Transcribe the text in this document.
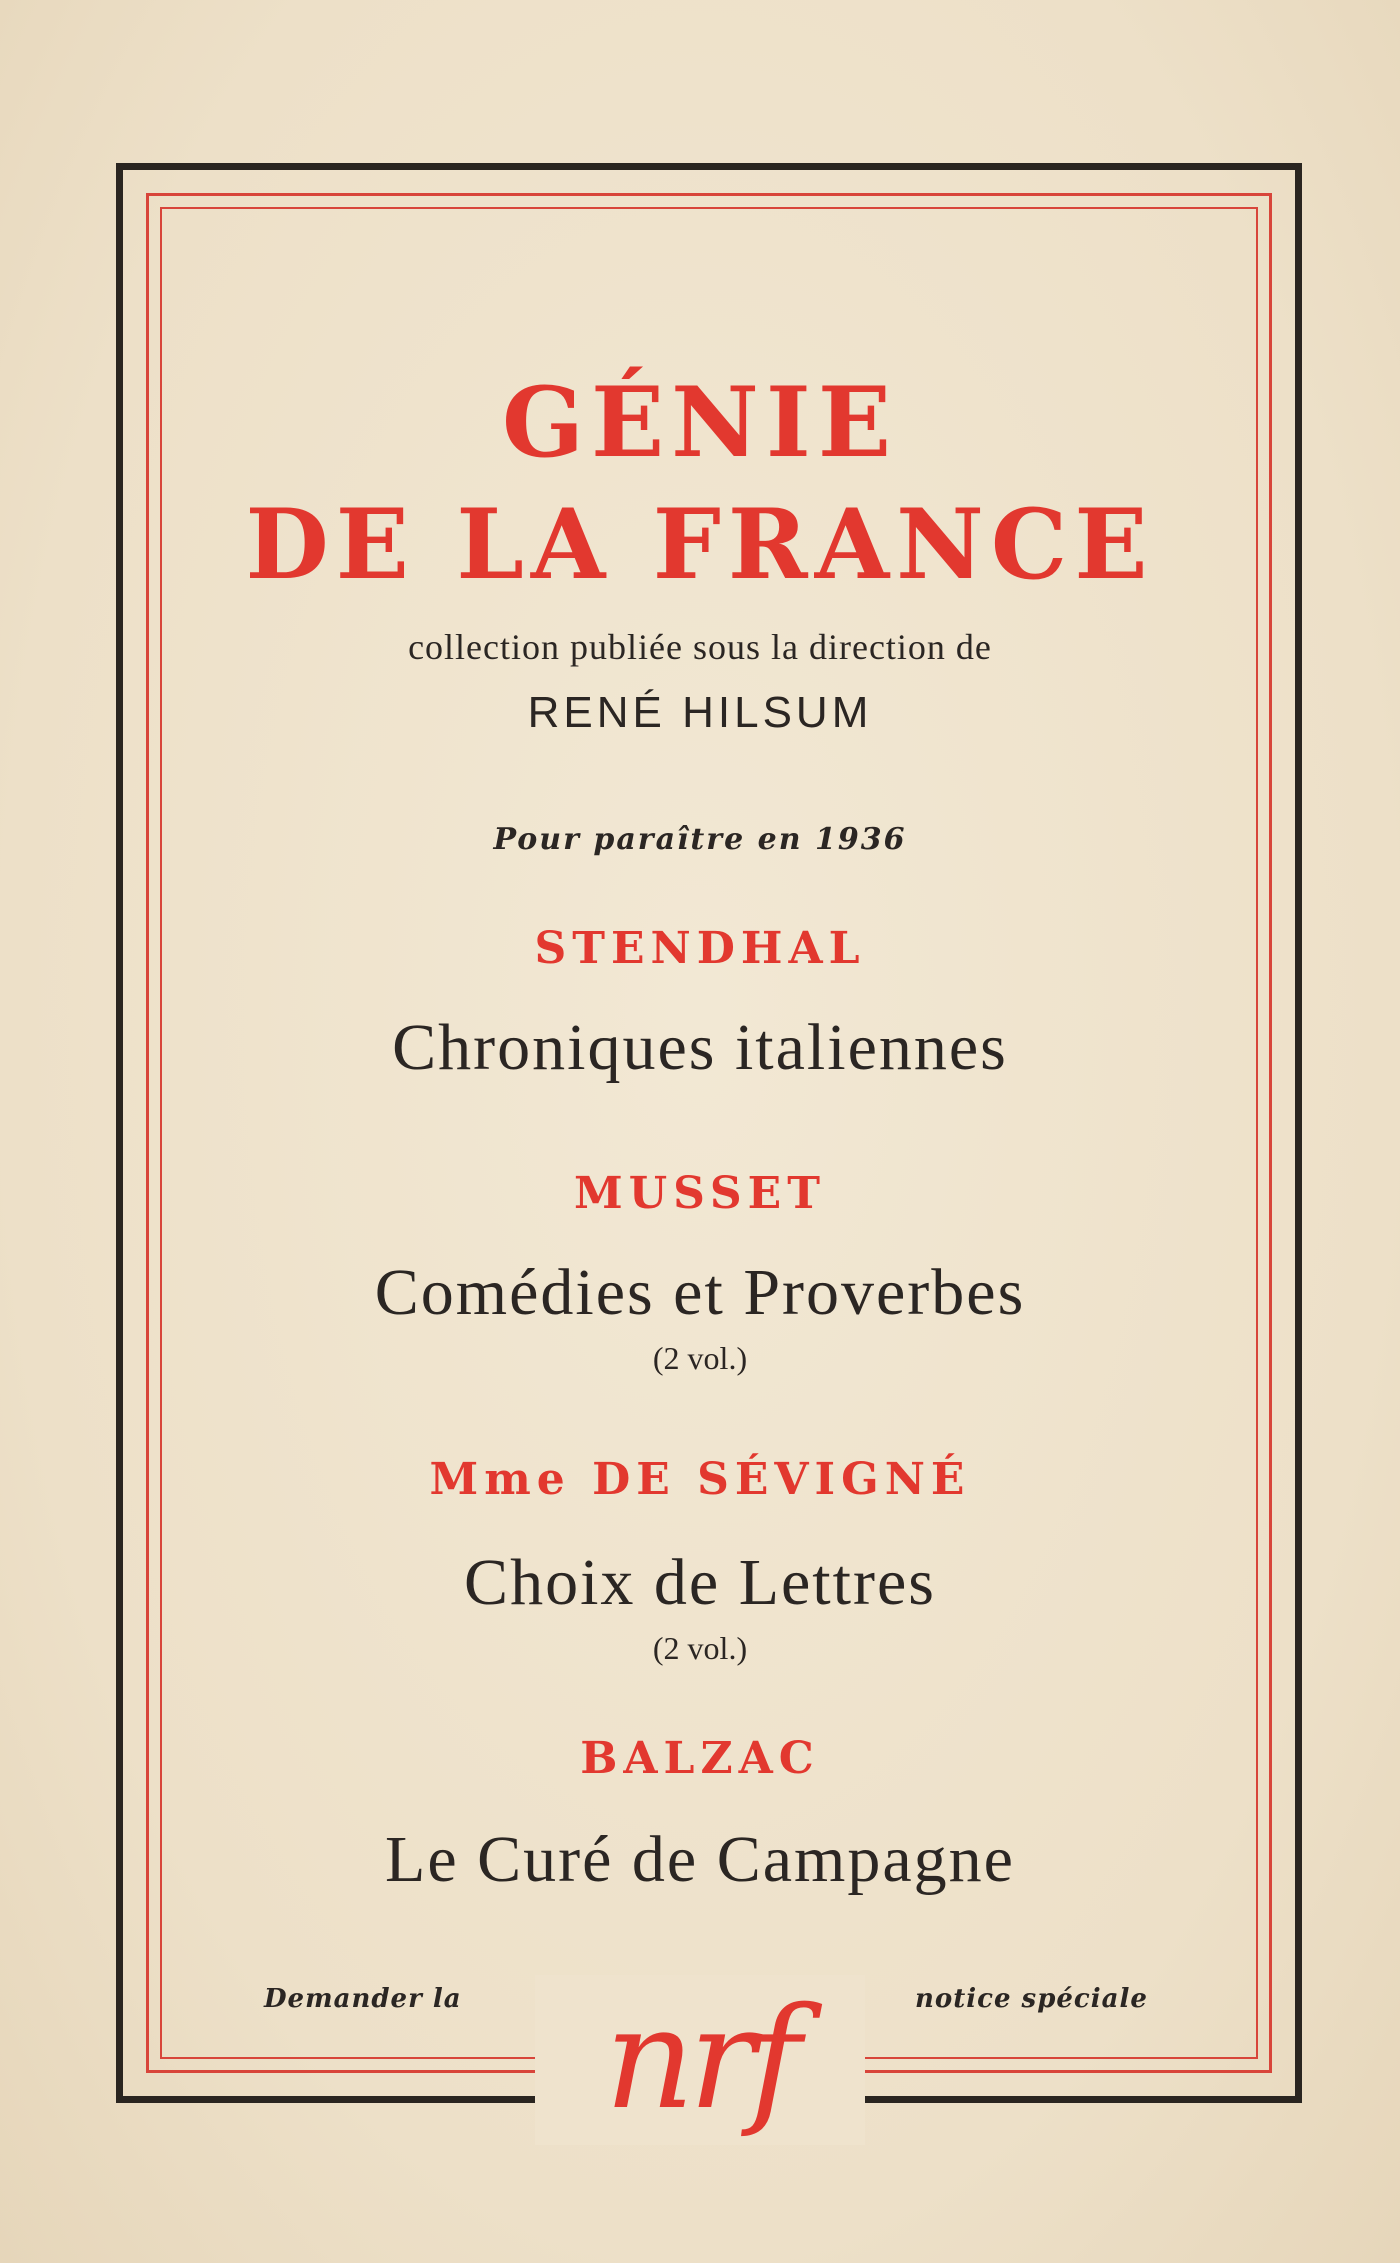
GÉNIE

DE LA FRANCE

collection publiée sous la direction de

RENÉ HILSUM

Pour paraître en 1936

STENDHAL

Chroniques italiennes

MUSSET

Comédies et Proverbes

(2 vol.)

Mme DE SÉVIGNÉ

Choix de Lettres

(2 vol.)

BALZAC

Le Curé de Campagne

Demander la	notice spéciale

nrf
